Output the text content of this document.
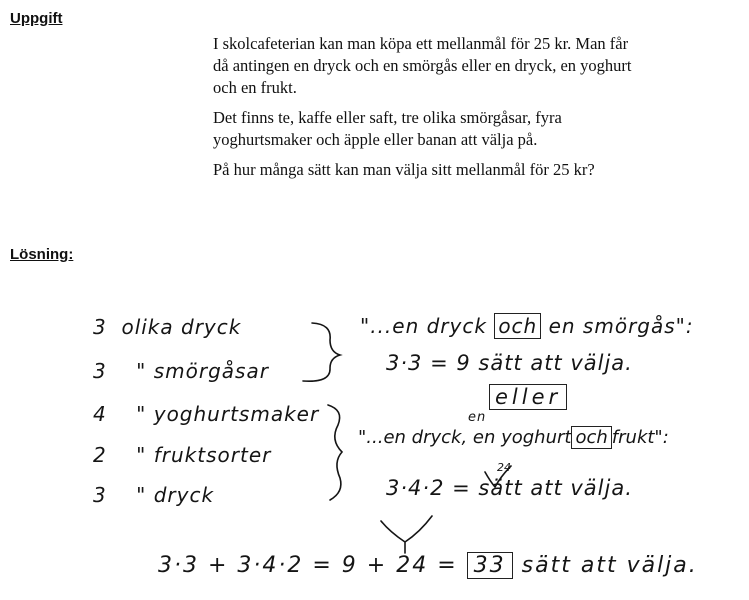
Uppgift

I skolcafeterian kan man köpa ett mellanmål för 25 kr. Man får då antingen en dryck och en smörgås eller en dryck, en yoghurt och en frukt.

Det finns te, kaffe eller saft, tre olika smörgåsar, fyra yoghurtsmaker och äpple eller banan att välja på.

På hur många sätt kan man välja sitt mellanmål för 25 kr?

Lösning:
3 olika dryck
3 " smörgåsar
4 " yoghurtsmaker
2 " fruktsorter
3 " dryck
"...en dryck och en smörgås":
3·3 = 9 sätt att välja.
eller
en
"...en dryck, en yoghurt och frukt":
3·4·2 = sätt att välja.
24
3·3 + 3·4·2 = 9 + 24 = 33 sätt att välja.
